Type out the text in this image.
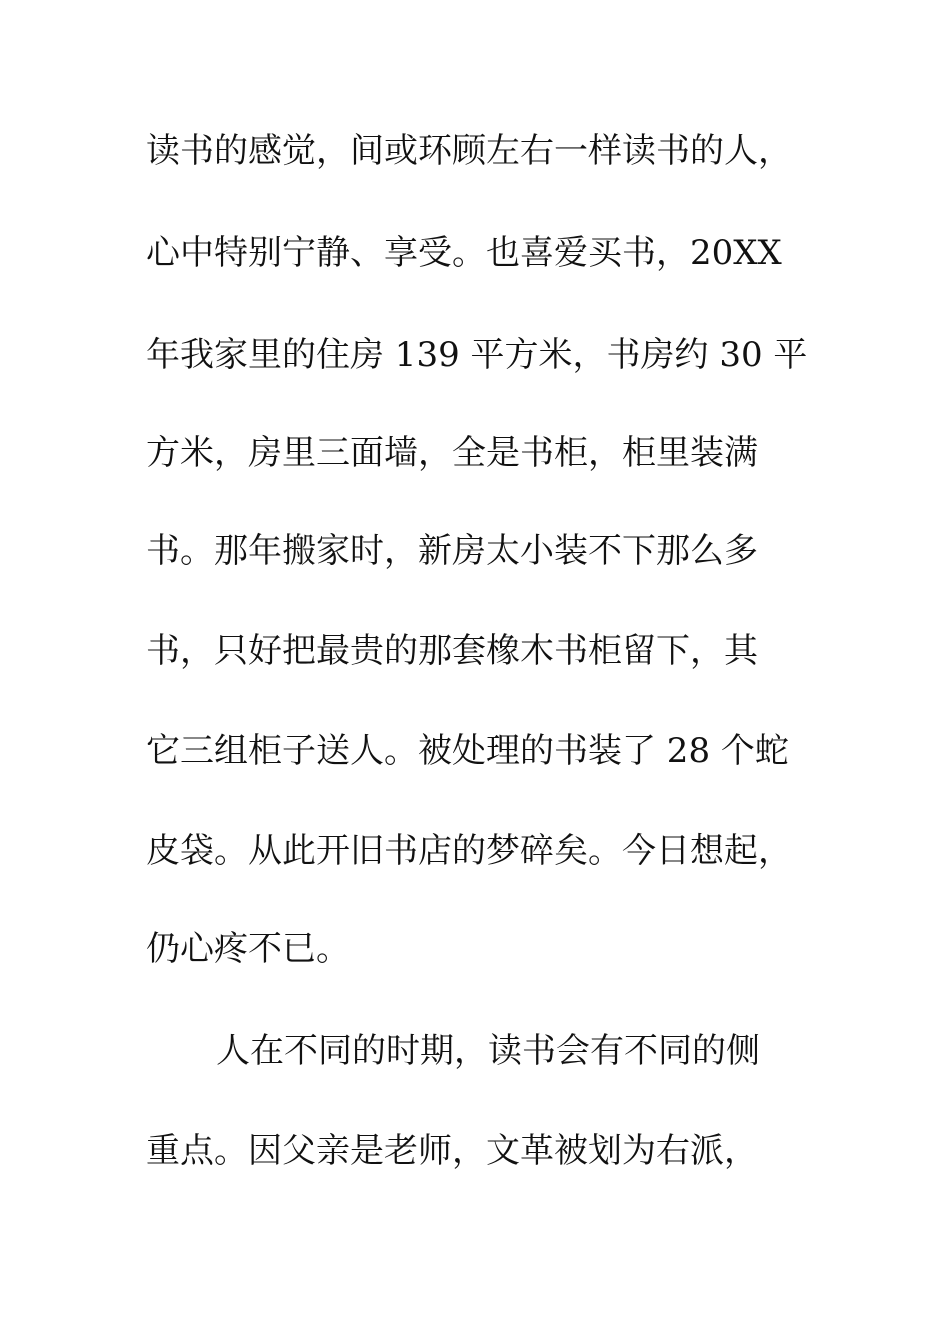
读书的感觉，间或环顾左右一样读书的人，
心中特别宁静、享受。也喜爱买书，20XX
年我家里的住房 139 平方米，书房约 30 平
方米，房里三面墙，全是书柜，柜里装满
书。那年搬家时，新房太小装不下那么多
书，只好把最贵的那套橡木书柜留下，其
它三组柜子送人。被处理的书装了 28 个蛇
皮袋。从此开旧书店的梦碎矣。今日想起，
仍心疼不已。
人在不同的时期，读书会有不同的侧
重点。因父亲是老师，文革被划为右派，
